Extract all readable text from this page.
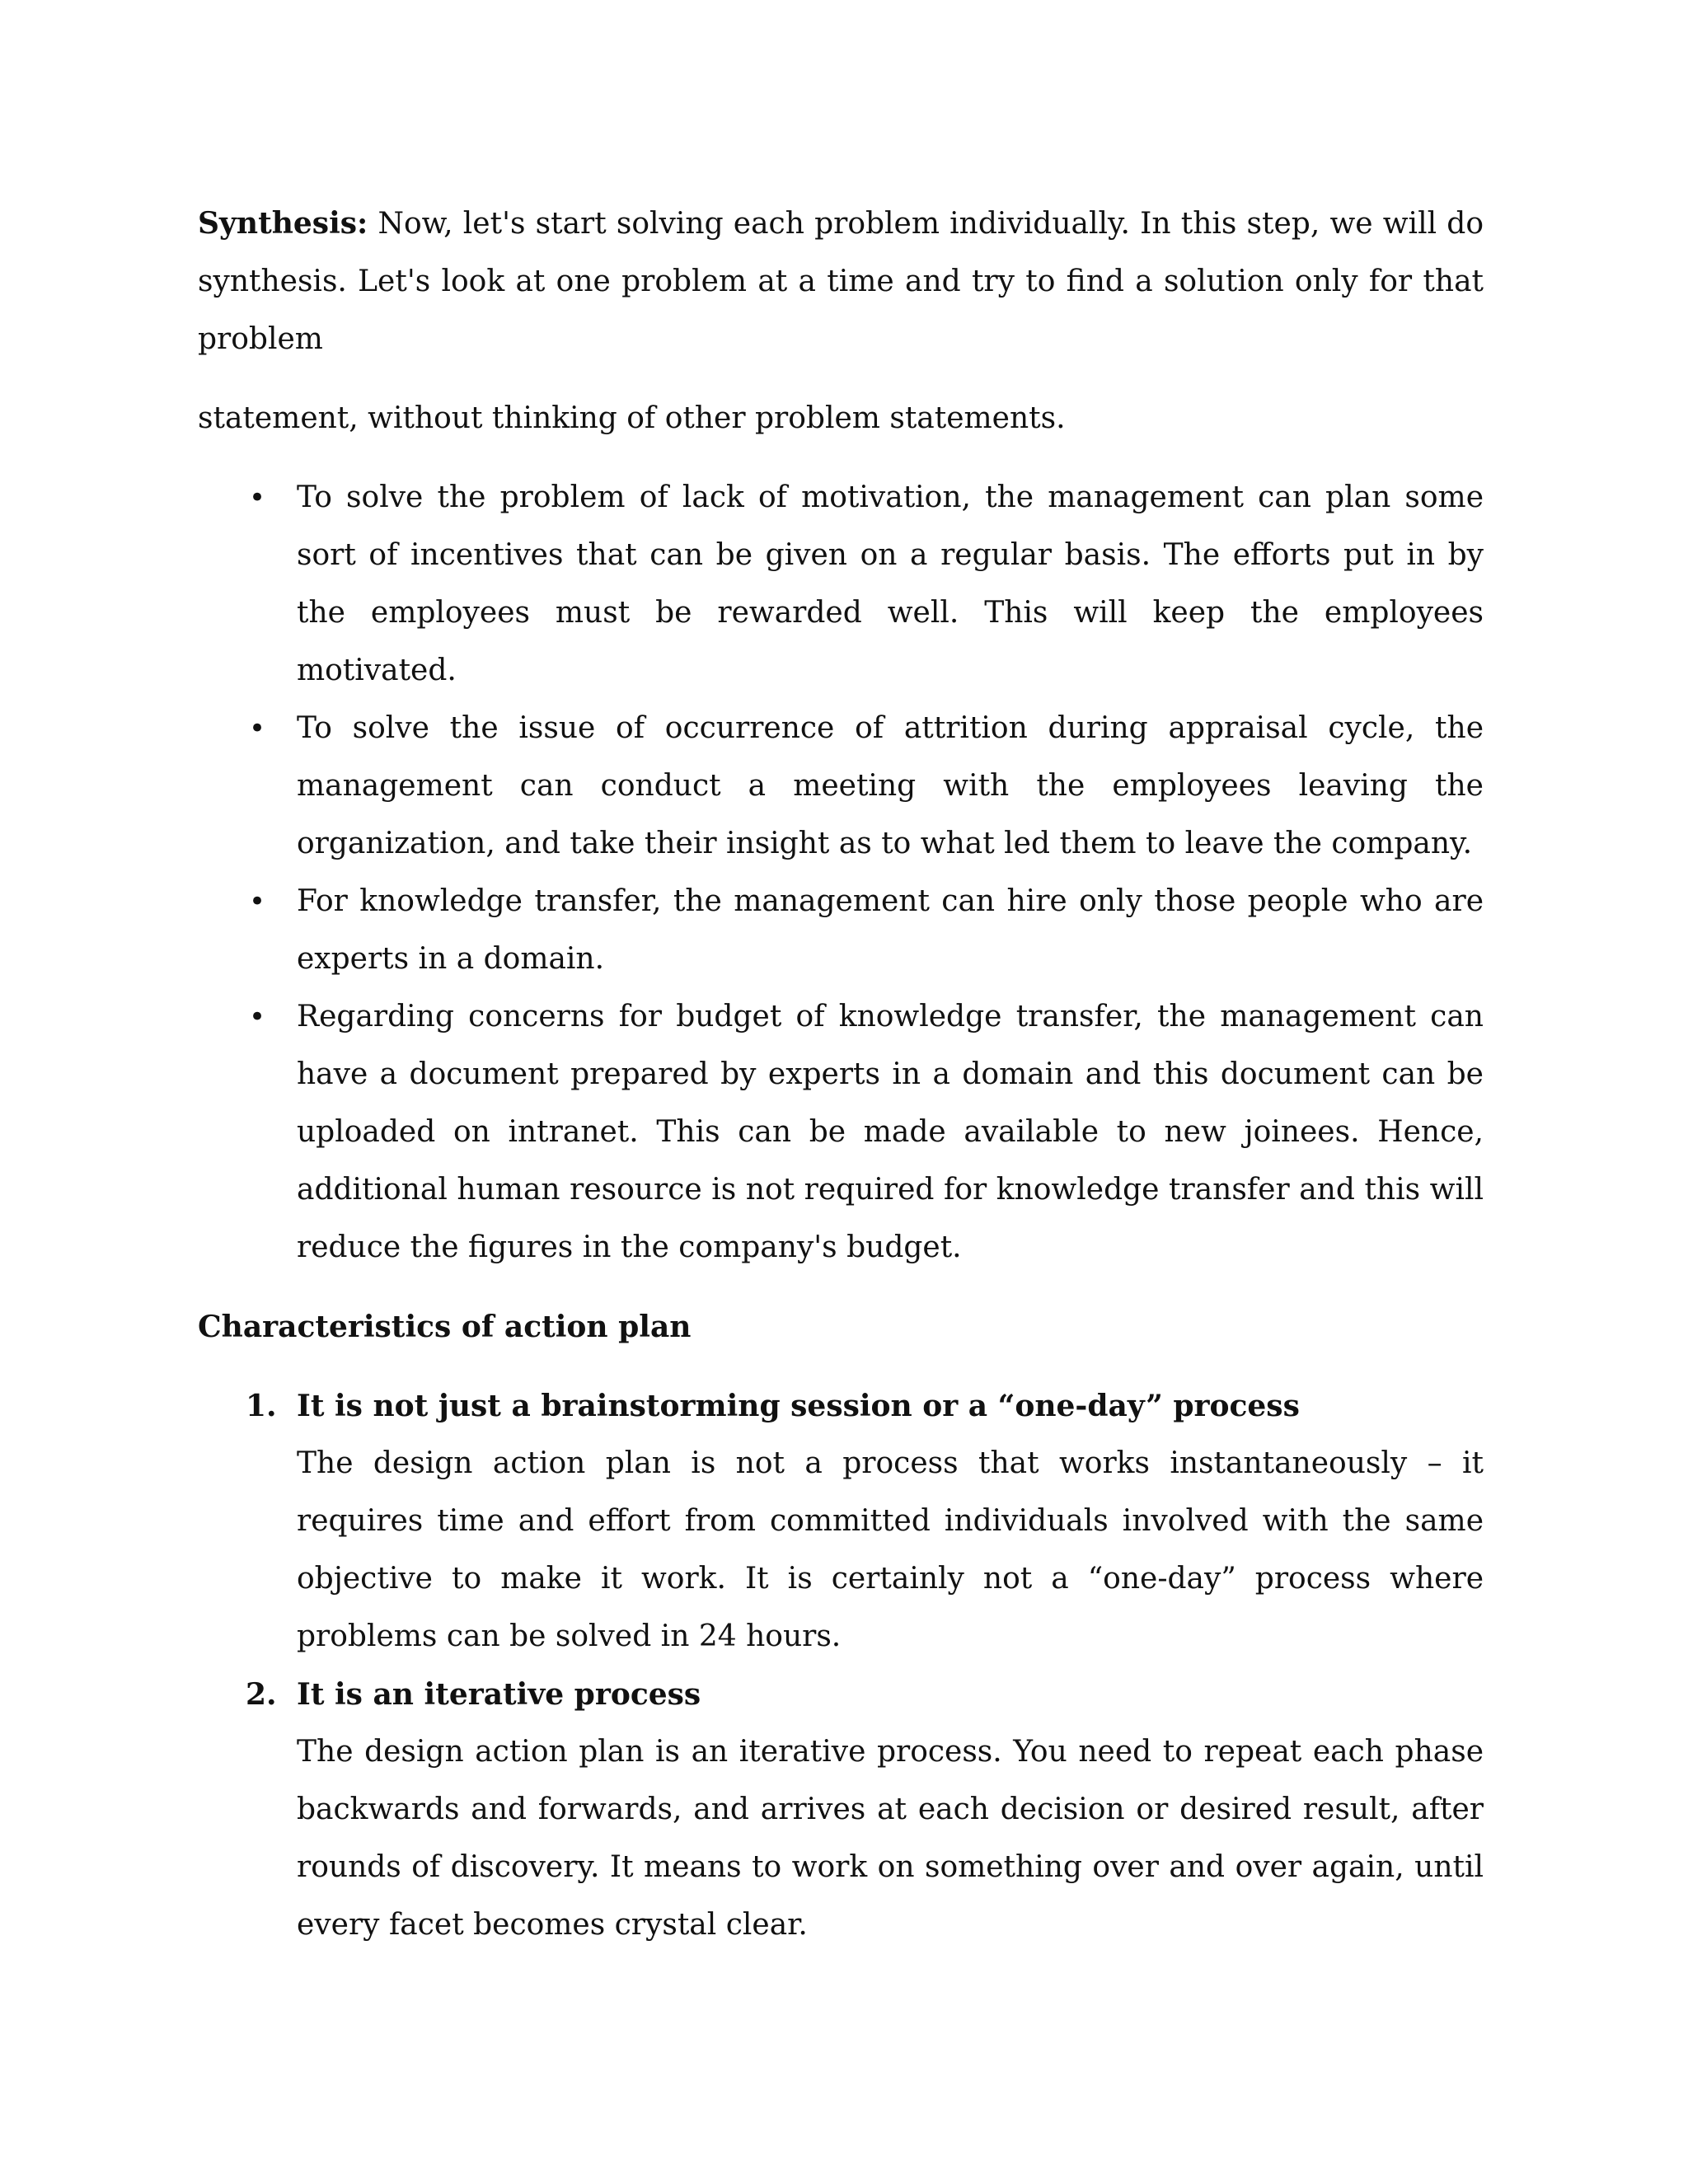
Synthesis: Now, let's start solving each problem individually. In this step, we will do synthesis. Let's look at one problem at a time and try to find a solution only for that problem
statement, without thinking of other problem statements.

• To solve the problem of lack of motivation, the management can plan some sort of incentives that can be given on a regular basis. The efforts put in by the employees must be rewarded well. This will keep the employees motivated.
• To solve the issue of occurrence of attrition during appraisal cycle, the management can conduct a meeting with the employees leaving the organization, and take their insight as to what led them to leave the company.
• For knowledge transfer, the management can hire only those people who are experts in a domain.
• Regarding concerns for budget of knowledge transfer, the management can have a document prepared by experts in a domain and this document can be uploaded on intranet. This can be made available to new joinees. Hence, additional human resource is not required for knowledge transfer and this will reduce the figures in the company's budget.

Characteristics of action plan

1. It is not just a brainstorming session or a “one-day” process
The design action plan is not a process that works instantaneously – it requires time and effort from committed individuals involved with the same objective to make it work. It is certainly not a “one-day” process where problems can be solved in 24 hours.
2. It is an iterative process
The design action plan is an iterative process. You need to repeat each phase backwards and forwards, and arrives at each decision or desired result, after rounds of discovery. It means to work on something over and over again, until every facet becomes crystal clear.
